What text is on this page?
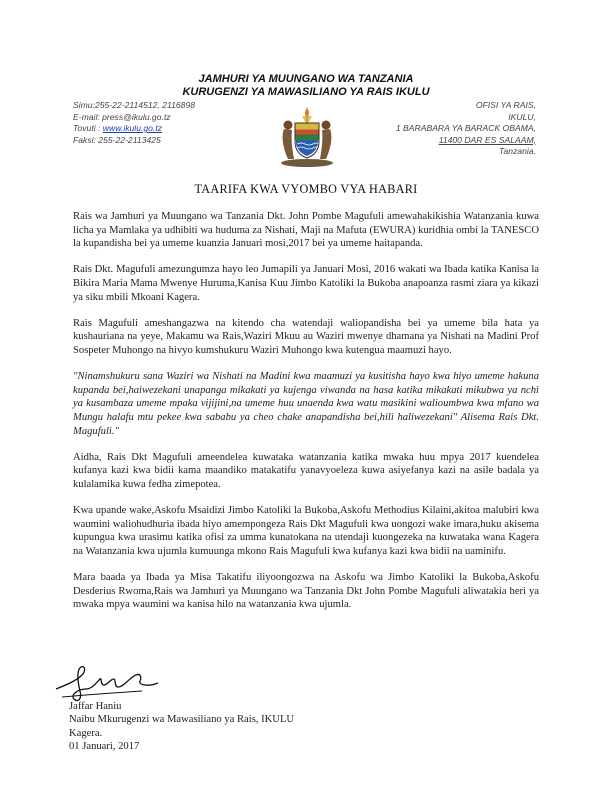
JAMHURI YA MUUNGANO WA TANZANIA
KURUGENZI YA MAWASILIANO YA RAIS IKULU
Simu:255-22-2114512, 2116898
E-mail: press@ikulu.go.tz
Tovuti : www.ikulu.go.tz
Faksi: 255-22-2113425
OFISI YA RAIS,
IKULU,
1 BARABARA YA BARACK OBAMA,
11400 DAR ES SALAAM,
Tanzania.
TAARIFA KWA VYOMBO VYA HABARI

Rais wa Jamhuri ya Muungano wa Tanzania Dkt. John Pombe Magufuli amewahakikishia Watanzania kuwa licha ya Mamlaka ya udhibiti wa huduma za Nishati, Maji na Mafuta (EWURA) kuridhia ombi la TANESCO la kupandisha bei ya umeme kuanzia Januari mosi,2017 bei ya umeme haitapanda.

Rais Dkt. Magufuli amezungumza hayo leo Jumapili ya Januari Mosi, 2016 wakati wa Ibada katika Kanisa la Bikira Maria Mama Mwenye Huruma,Kanisa Kuu Jimbo Katoliki la Bukoba anapoanza rasmi ziara ya kikazi ya siku mbili Mkoani Kagera.

Rais Magufuli ameshangazwa na kitendo cha watendaji waliopandisha bei ya umeme bila hata ya kushauriana na yeye, Makamu wa Rais,Waziri Mkuu au Waziri mwenye dhamana ya Nishati na Madini Prof Sospeter Muhongo na hivyo kumshukuru Waziri Muhongo kwa kutengua maamuzi hayo.

"Ninamshukuru sana Waziri wa Nishati na Madini kwa maamuzi ya kusitisha hayo kwa hiyo umeme hakuna kupanda bei,haiwezekani unapanga mikakati ya kujenga viwanda na hasa katika mikakati mikubwa ya nchi ya kusambaza umeme mpaka vijijini,na umeme huu unaenda kwa watu masikini walioumbwa kwa mfano wa Mungu halafu mtu pekee kwa sababu ya cheo chake anapandisha bei,hili haliwezekani" Alisema Rais Dkt. Magufuli."

Aidha, Rais Dkt Magufuli ameendelea kuwataka watanzania katika mwaka huu mpya 2017 kuendelea kufanya kazi kwa bidii kama maandiko matakatifu yanavyoeleza kuwa asiyefanya kazi na asile badala ya kulalamika kuwa fedha zimepotea.

Kwa upande wake,Askofu Msaidizi Jimbo Katoliki la Bukoba,Askofu Methodius Kilaini,akitoa malubiri kwa waumini waliohudhuria ibada hiyo amempongeza Rais Dkt Magufuli kwa uongozi wake imara,huku akisema kupungua kwa urasimu katika ofisi za umma kunatokana na utendaji kuongezeka na kuwataka wana Kagera na Watanzania kwa ujumla kumuunga mkono Rais Magufuli kwa kufanya kazi kwa bidii na uaminifu.

Mara baada ya Ibada ya Misa Takatifu iliyoongozwa na Askofu wa Jimbo Katoliki la Bukoba,Askofu Desderius Rwoma,Rais wa Jamhuri ya Muungano wa Tanzania Dkt John Pombe Magufuli aliwatakia heri ya mwaka mpya waumini wa kanisa hilo na watanzania kwa ujumla.

Jaffar Haniu
Naibu Mkurugenzi wa Mawasiliano ya Rais, IKULU
Kagera.
01 Januari, 2017
